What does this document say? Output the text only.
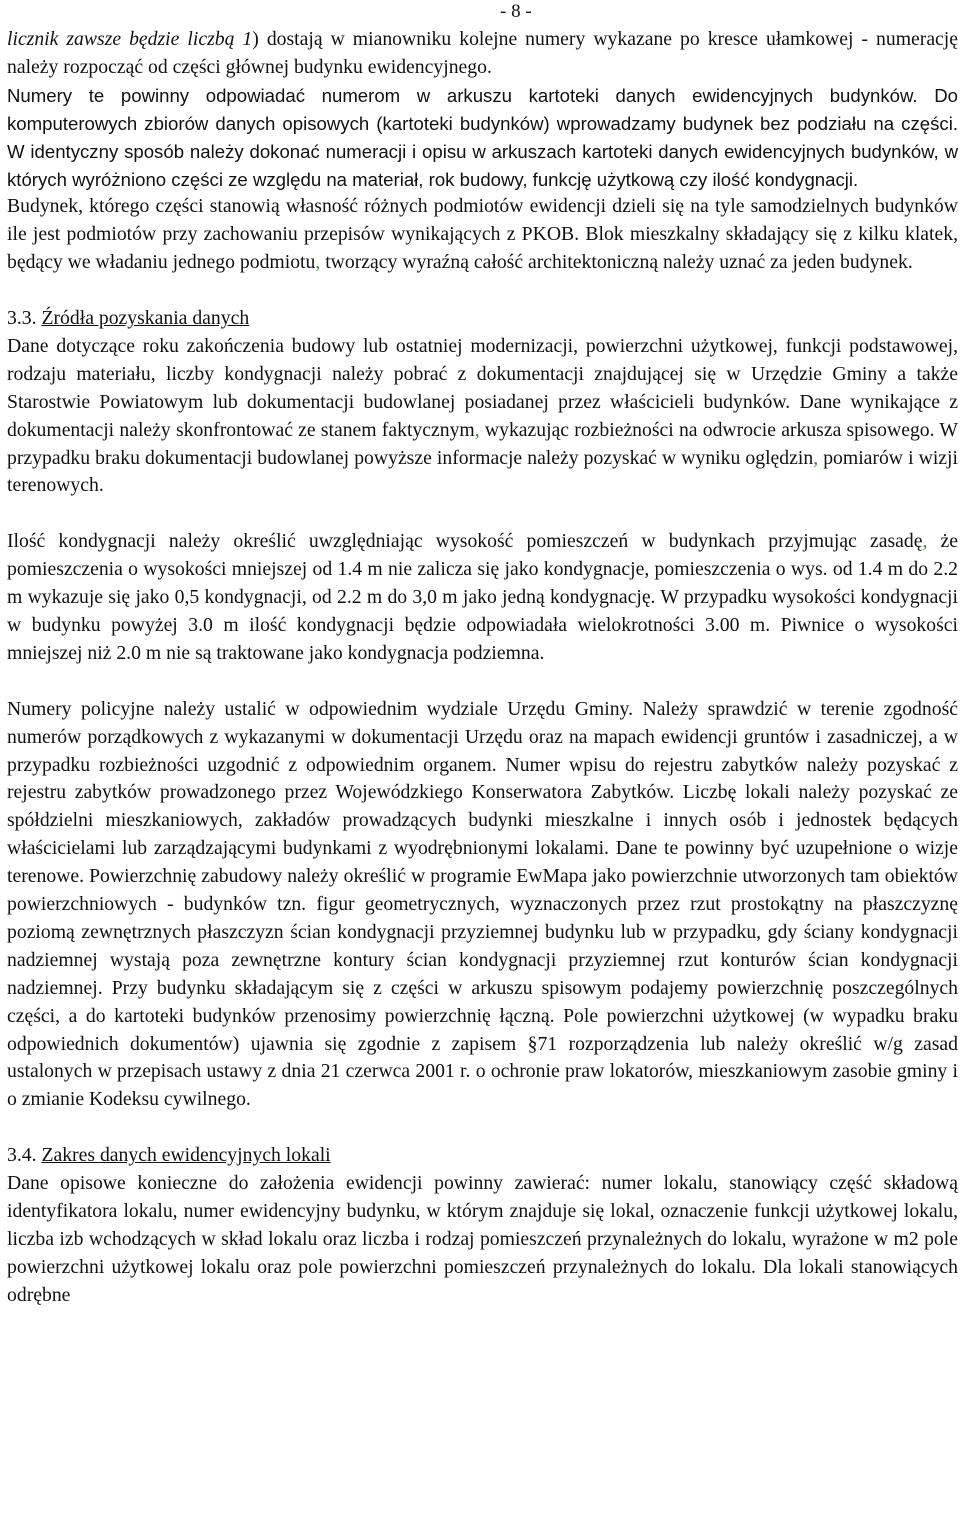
- 8 -

licznik zawsze będzie liczbą 1) dostają w mianowniku kolejne numery wykazane po kresce ułamkowej - numerację należy rozpocząć od części głównej budynku ewidencyjnego.

Numery te powinny odpowiadać numerom w arkuszu kartoteki danych ewidencyjnych budynków. Do komputerowych zbiorów danych opisowych (kartoteki budynków) wprowadzamy budynek bez podziału na części. W identyczny sposób należy dokonać numeracji i opisu w arkuszach kartoteki danych ewidencyjnych budynków, w których wyróżniono części ze względu na materiał, rok budowy, funkcję użytkową czy ilość kondygnacji.

Budynek, którego części stanowią własność różnych podmiotów ewidencji dzieli się na tyle samodzielnych budynków ile jest podmiotów przy zachowaniu przepisów wynikających z PKOB. Blok mieszkalny składający się z kilku klatek, będący we władaniu jednego podmiotu, tworzący wyraźną całość architektoniczną należy uznać za jeden budynek.

3.3. Źródła pozyskania danych

Dane dotyczące roku zakończenia budowy lub ostatniej modernizacji, powierzchni użytkowej, funkcji podstawowej, rodzaju materiału, liczby kondygnacji należy pobrać z dokumentacji znajdującej się w Urzędzie Gminy a także Starostwie Powiatowym lub dokumentacji budowlanej posiadanej przez właścicieli budynków. Dane wynikające z dokumentacji należy skonfrontować ze stanem faktycznym, wykazując rozbieżności na odwrocie arkusza spisowego. W przypadku braku dokumentacji budowlanej powyższe informacje należy pozyskać w wyniku oględzin, pomiarów i wizji terenowych.

Ilość kondygnacji należy określić uwzględniając wysokość pomieszczeń w budynkach przyjmując zasadę, że pomieszczenia o wysokości mniejszej od 1.4 m nie zalicza się jako kondygnacje, pomieszczenia o wys. od 1.4 m do 2.2 m wykazuje się jako 0,5 kondygnacji, od 2.2 m do 3,0 m jako jedną kondygnację. W przypadku wysokości kondygnacji w budynku powyżej 3.0 m ilość kondygnacji będzie odpowiadała wielokrotności 3.00 m. Piwnice o wysokości mniejszej niż 2.0 m nie są traktowane jako kondygnacja podziemna.

Numery policyjne należy ustalić w odpowiednim wydziale Urzędu Gminy. Należy sprawdzić w terenie zgodność numerów porządkowych z wykazanymi w dokumentacji Urzędu oraz na mapach ewidencji gruntów i zasadniczej, a w przypadku rozbieżności uzgodnić z odpowiednim organem. Numer wpisu do rejestru zabytków należy pozyskać z rejestru zabytków prowadzonego przez Wojewódzkiego Konserwatora Zabytków. Liczbę lokali należy pozyskać ze spółdzielni mieszkaniowych, zakładów prowadzących budynki mieszkalne i innych osób i jednostek będących właścicielami lub zarządzającymi budynkami z wyodrębnionymi lokalami. Dane te powinny być uzupełnione o wizje terenowe. Powierzchnię zabudowy należy określić w programie EwMapa jako powierzchnie utworzonych tam obiektów powierzchniowych - budynków tzn. figur geometrycznych, wyznaczonych przez rzut prostokątny na płaszczyznę poziomą zewnętrznych płaszczyzn ścian kondygnacji przyziemnej budynku lub w przypadku, gdy ściany kondygnacji nadziemnej wystają poza zewnętrzne kontury ścian kondygnacji przyziemnej rzut konturów ścian kondygnacji nadziemnej. Przy budynku składającym się z części w arkuszu spisowym podajemy powierzchnię poszczególnych części, a do kartoteki budynków przenosimy powierzchnię łączną. Pole powierzchni użytkowej (w wypadku braku odpowiednich dokumentów) ujawnia się zgodnie z zapisem §71 rozporządzenia lub należy określić w/g zasad ustalonych w przepisach ustawy z dnia 21 czerwca 2001 r. o ochronie praw lokatorów, mieszkaniowym zasobie gminy i o zmianie Kodeksu cywilnego.

3.4. Zakres danych ewidencyjnych lokali

Dane opisowe konieczne do założenia ewidencji powinny zawierać: numer lokalu, stanowiący część składową identyfikatora lokalu, numer ewidencyjny budynku, w którym znajduje się lokal, oznaczenie funkcji użytkowej lokalu, liczba izb wchodzących w skład lokalu oraz liczba i rodzaj pomieszczeń przynależnych do lokalu, wyrażone w m2 pole powierzchni użytkowej lokalu oraz pole powierzchni pomieszczeń przynależnych do lokalu. Dla lokali stanowiących odrębne
